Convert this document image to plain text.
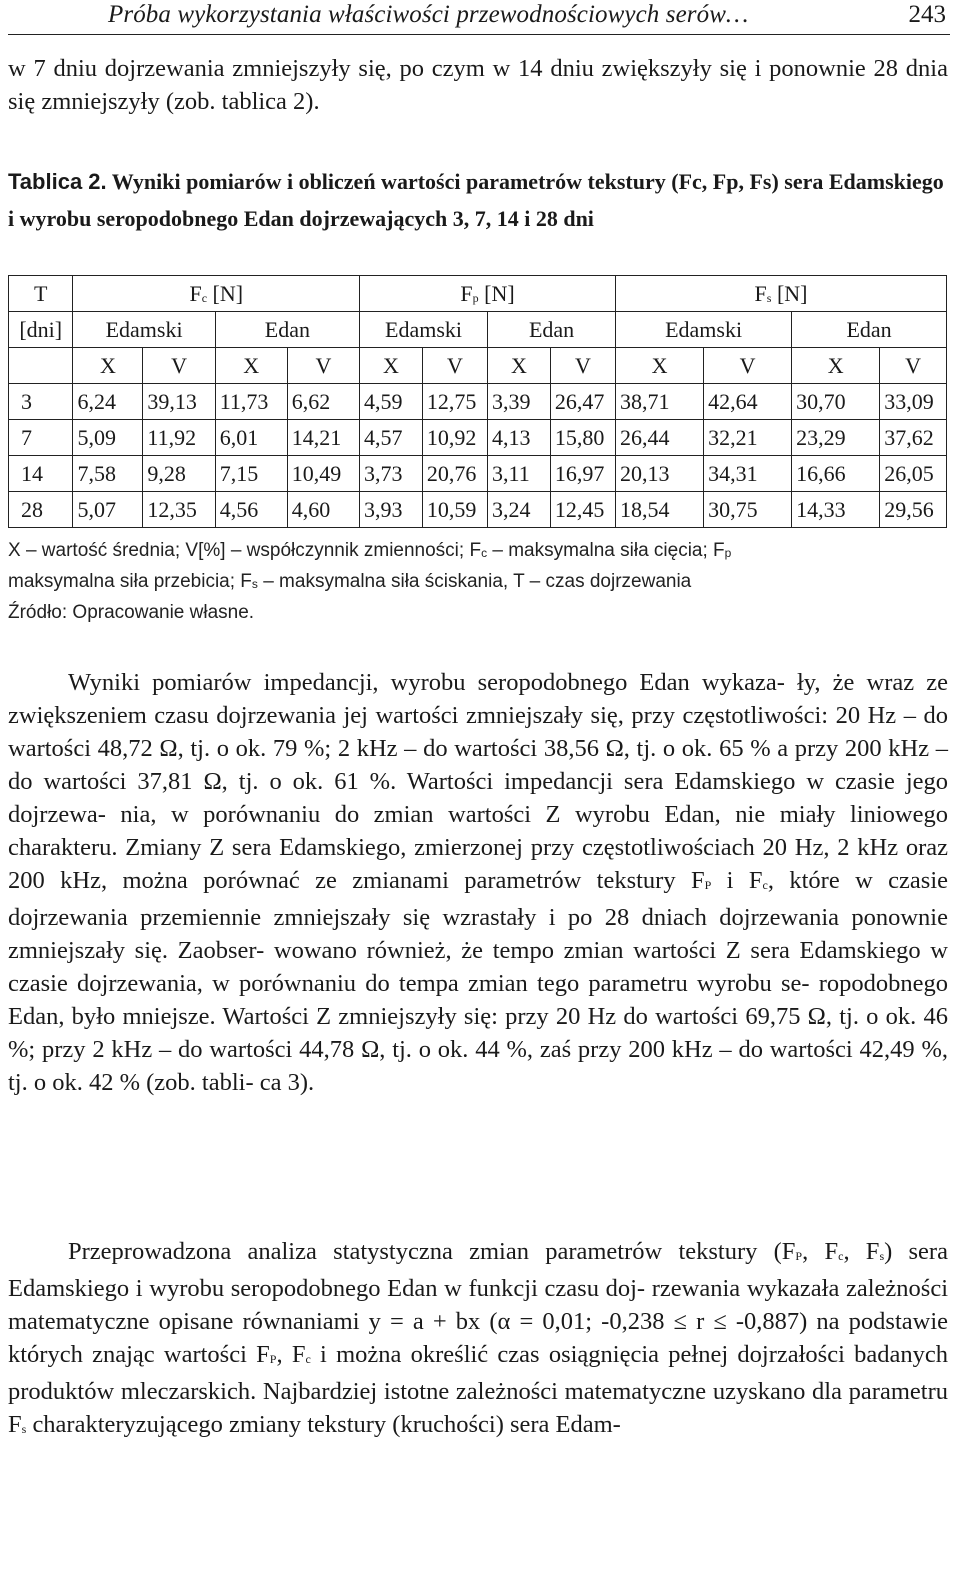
Próba wykorzystania właściwości przewodnościowych serów…	243

w 7 dniu dojrzewania zmniejszyły się, po czym w 14 dniu zwiększyły się i ponownie 28 dnia się zmniejszyły (zob. tablica 2).

Tablica 2. Wyniki pomiarów i obliczeń wartości parametrów tekstury (Fc, Fp, Fs) sera Edamskiego i wyrobu seropodobnego Edan dojrzewających 3, 7, 14 i 28 dni

T	$F_c$ [N]				$F_p$ [N]				$F_s$ [N]			
[dni]	Edamski		Edan		Edamski		Edan		Edamski		Edan	
	X	V	X	V	X	V	X	V	X	V	X	V
3	6,24	39,13	11,73	6,62	4,59	12,75	3,39	26,47	38,71	42,64	30,70	33,09
7	5,09	11,92	6,01	14,21	4,57	10,92	4,13	15,80	26,44	32,21	23,29	37,62
14	7,58	9,28	7,15	10,49	3,73	20,76	3,11	16,97	20,13	34,31	16,66	26,05
28	5,07	12,35	4,56	4,60	3,93	10,59	3,24	12,45	18,54	30,75	14,33	29,56
X – wartość średnia; V[%] – współczynnik zmienności; $F_c$ – maksymalna siła cięcia; $F_p$
maksymalna siła przebicia; $F_s$ – maksymalna siła ściskania, T – czas dojrzewania
Źródło: Opracowanie własne.

Wyniki pomiarów impedancji, wyrobu seropodobnego Edan wykaza- ły, że wraz ze zwiększeniem czasu dojrzewania jej wartości zmniejszały się, przy częstotliwości: 20 Hz – do wartości 48,72 Ω, tj. o ok. 79 %; 2 kHz – do wartości 38,56 Ω, tj. o ok. 65 % a przy 200 kHz – do wartości 37,81 Ω, tj. o ok. 61 %. Wartości impedancji sera Edamskiego w czasie jego dojrzewa- nia, w porównaniu do zmian wartości Z wyrobu Edan, nie miały liniowego charakteru. Zmiany Z sera Edamskiego, zmierzonej przy częstotliwościach 20 Hz, 2 kHz oraz 200 kHz, można porównać ze zmianami parametrów tekstury $F_P$ i $F_c$, które w czasie dojrzewania przemiennie zmniejszały się wzrastały i po 28 dniach dojrzewania ponownie zmniejszały się. Zaobser- wowano również, że tempo zmian wartości Z sera Edamskiego w czasie dojrzewania, w porównaniu do tempa zmian tego parametru wyrobu se- ropodobnego Edan, było mniejsze. Wartości Z zmniejszyły się: przy 20 Hz do wartości 69,75 Ω, tj. o ok. 46 %; przy 2 kHz – do wartości 44,78 Ω, tj. o ok. 44 %, zaś przy 200 kHz – do wartości 42,49 %, tj. o ok. 42 % (zob. tabli- ca 3).

Przeprowadzona analiza statystyczna zmian parametrów tekstury ($F_P$, $F_c$, $F_s$) sera Edamskiego i wyrobu seropodobnego Edan w funkcji czasu doj- rzewania wykazała zależności matematyczne opisane równaniami y = a + bx (α = 0,01; -0,238 ≤ r ≤ -0,887) na podstawie których znając wartości $F_P$, $F_c$ i można określić czas osiągnięcia pełnej dojrzałości badanych produktów mleczarskich. Najbardziej istotne zależności matematyczne uzyskano dla parametru $F_s$ charakteryzującego zmiany tekstury (kruchości) sera Edam-
